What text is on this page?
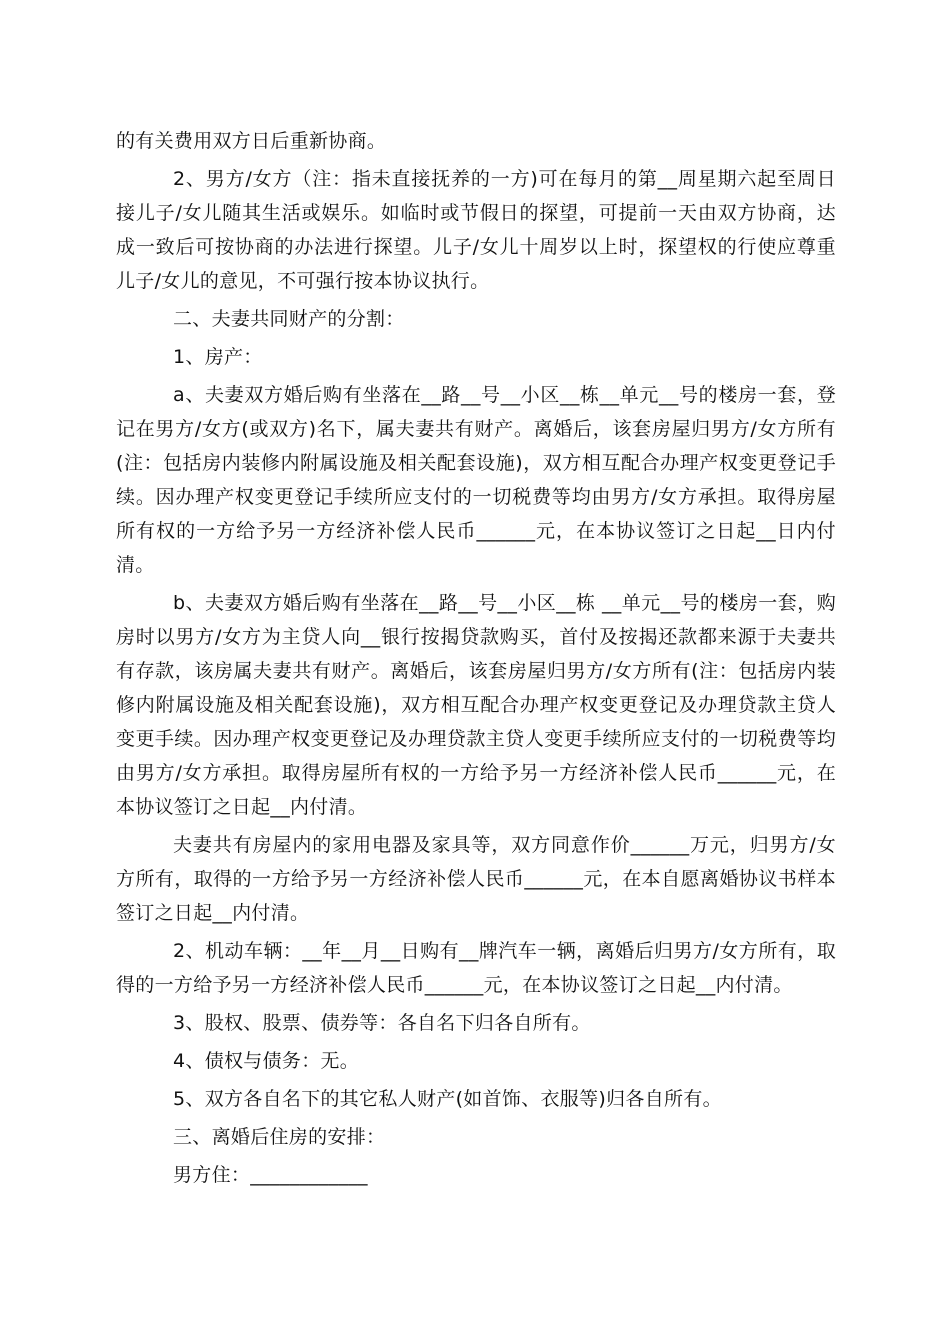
的有关费用双方日后重新协商。

2、男方/女方（注：指未直接抚养的一方)可在每月的第__周星期六起至周日接儿子/女儿随其生活或娱乐。如临时或节假日的探望，可提前一天由双方协商，达成一致后可按协商的办法进行探望。儿子/女儿十周岁以上时，探望权的行使应尊重儿子/女儿的意见，不可强行按本协议执行。

二、夫妻共同财产的分割：

1、房产：

a、夫妻双方婚后购有坐落在__路__号__小区__栋__单元__号的楼房一套，登记在男方/女方(或双方)名下，属夫妻共有财产。离婚后，该套房屋归男方/女方所有(注：包括房内装修内附属设施及相关配套设施)，双方相互配合办理产权变更登记手续。因办理产权变更登记手续所应支付的一切税费等均由男方/女方承担。取得房屋所有权的一方给予另一方经济补偿人民币______元，在本协议签订之日起__日内付清。

b、夫妻双方婚后购有坐落在__路__号__小区__栋 __单元__号的楼房一套，购房时以男方/女方为主贷人向__银行按揭贷款购买，首付及按揭还款都来源于夫妻共有存款，该房属夫妻共有财产。离婚后，该套房屋归男方/女方所有(注：包括房内装修内附属设施及相关配套设施)，双方相互配合办理产权变更登记及办理贷款主贷人变更手续。因办理产权变更登记及办理贷款主贷人变更手续所应支付的一切税费等均由男方/女方承担。取得房屋所有权的一方给予另一方经济补偿人民币______元，在本协议签订之日起__内付清。

夫妻共有房屋内的家用电器及家具等，双方同意作价______万元，归男方/女方所有，取得的一方给予另一方经济补偿人民币______元，在本自愿离婚协议书样本签订之日起__内付清。

2、机动车辆：__年__月__日购有__牌汽车一辆，离婚后归男方/女方所有，取得的一方给予另一方经济补偿人民币______元，在本协议签订之日起__内付清。

3、股权、股票、债券等：各自名下归各自所有。

4、债权与债务：无。

5、双方各自名下的其它私人财产(如首饰、衣服等)归各自所有。

三、离婚后住房的安排：

男方住：____________
